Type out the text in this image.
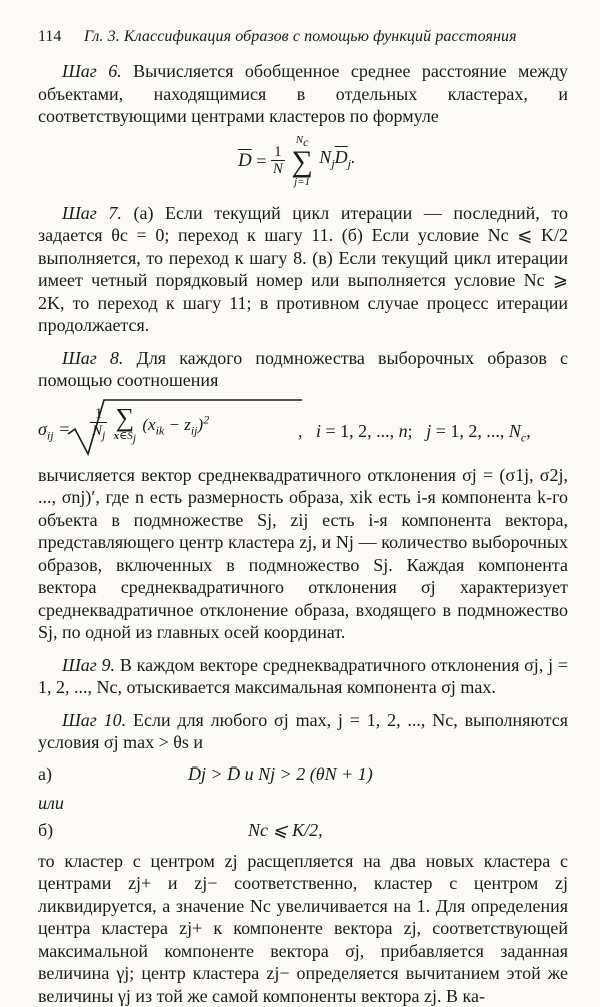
114 Гл. 3. Классификация образов с помощью функций расстояния

Шаг 6. Вычисляется обобщенное среднее расстояние между объектами, находящимися в отдельных кластерах, и соответствующими центрами кластеров по формуле

$\overline{D} = \frac{1}{N}$

$N_c$
∑
j=1
$N_j\overline{D}_j$.

Шаг 7. (а) Если текущий цикл итерации — последний, то задается θc = 0; переход к шагу 11. (б) Если условие Nc ⩽ K/2 выполняется, то переход к шагу 8. (в) Если текущий цикл итерации имеет четный порядковый номер или выполняется условие Nc ⩾ 2K, то переход к шагу 11; в противном случае процесс итерации продолжается.

Шаг 8. Для каждого подмножества выборочных образов с помощью соотношения

$\sigma_{ij} = \frac{1}{N_j}$
∑
$x\in S_j$
$(x_{ik} - z_{ij})^2$
,   i = 1, 2, ..., n;   j = 1, 2, ..., $N_c$,

вычисляется вектор среднеквадратичного отклонения σj = (σ1j, σ2j, ..., σnj)′, где n есть размерность образа, xik есть i-я компонента k-го объекта в подмножестве Sj, zij есть i-я компонента вектора, представляющего центр кластера zj, и Nj — количество выборочных образов, включенных в подмножество Sj. Каждая компонента вектора среднеквадратичного отклонения σj характеризует среднеквадратичное отклонение образа, входящего в подмножество Sj, по одной из главных осей координат.

Шаг 9. В каждом векторе среднеквадратичного отклонения σj, j = 1, 2, ..., Nc, отыскивается максимальная компонента σj max.

Шаг 10. Если для любого σj max, j = 1, 2, ..., Nc, выполняются условия σj max > θs и

а)	D̄j > D̄ и Nj > 2 (θN + 1)
или
б)	Nc ⩽ K/2,

то кластер с центром zj расщепляется на два новых кластера с центрами zj+ и zj− соответственно, кластер с центром zj ликвидируется, а значение Nc увеличивается на 1. Для определения центра кластера zj+ к компоненте вектора zj, соответствующей максимальной компоненте вектора σj, прибавляется заданная величина γj; центр кластера zj− определяется вычитанием этой же величины γj из той же самой компоненты вектора zj. В ка-
